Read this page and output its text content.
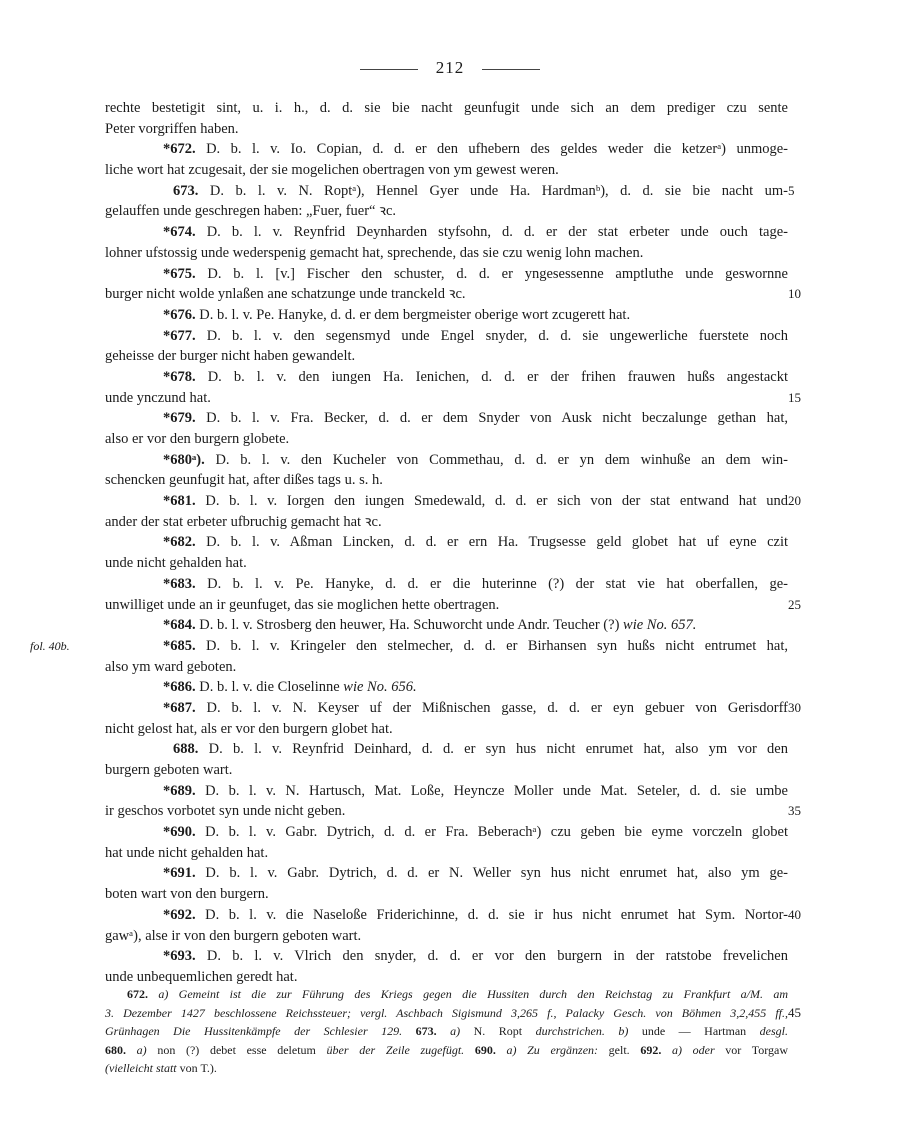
212
rechte bestetigit sint, u. i. h., d. d. sie bie nacht geunfugit unde sich an dem prediger czu sente
Peter vorgriffen haben.
*672. D. b. l. v. Io. Copian, d. d. er den ufhebern des geldes weder die ketzerᵃ) unmoge-
liche wort hat zcugesait, der sie mogelichen obertragen von ym gewest weren.
673. D. b. l. v. N. Roptᵃ), Hennel Gyer unde Ha. Hardmanᵇ), d. d. sie bie nacht um- 5
gelauffen unde geschregen haben: „Fuer, fuer“ ꝛc.
*674. D. b. l. v. Reynfrid Deynharden styfsohn, d. d. er der stat erbeter unde ouch tage-
lohner ufstossig unde wederspenig gemacht hat, sprechende, das sie czu wenig lohn machen.
*675. D. b. l. [v.] Fischer den schuster, d. d. er yngesessenne amptluthe unde geswornne
burger nicht wolde ynlaßen ane schatzunge unde tranckeld ꝛc.	10
*676. D. b. l. v. Pe. Hanyke, d. d. er dem bergmeister oberige wort zcugerett hat.
*677. D. b. l. v. den segensmyd unde Engel snyder, d. d. sie ungewerliche fuerstete noch
geheisse der burger nicht haben gewandelt.
*678. D. b. l. v. den iungen Ha. Ienichen, d. d. er der frihen frauwen hußs angestackt
unde ynczund hat.	15
*679. D. b. l. v. Fra. Becker, d. d. er dem Snyder von Ausk nicht beczalunge gethan hat,
also er vor den burgern globete.
*680ᵃ). D. b. l. v. den Kucheler von Commethau, d. d. er yn dem winhuße an dem win-
schencken geunfugit hat, after dißes tags u. s. h.
*681. D. b. l. v. Iorgen den iungen Smedewald, d. d. er sich von der stat entwand hat und 20
ander der stat erbeter ufbruchig gemacht hat ꝛc.
*682. D. b. l. v. Aßman Lincken, d. d. er ern Ha. Trugsesse geld globet hat uf eyne czit
unde nicht gehalden hat.
*683. D. b. l. v. Pe. Hanyke, d. d. er die huterinne (?) der stat vie hat oberfallen, ge-
unwilliget unde an ir geunfuget, das sie moglichen hette obertragen.	25
*684. D. b. l. v. Strosberg den heuwer, Ha. Schuworcht unde Andr. Teucher (?) wie No. 657.
*685. D. b. l. v. Kringeler den stelmecher, d. d. er Birhansen syn hußs nicht entrumet hat,
fol. 40b.
also ym ward geboten.
*686. D. b. l. v. die Closelinne wie No. 656.
*687. D. b. l. v. N. Keyser uf der Mißnischen gasse, d. d. er eyn gebuer von Gerisdorff 30
nicht gelost hat, als er vor den burgern globet hat.
688. D. b. l. v. Reynfrid Deinhard, d. d. er syn hus nicht enrumet hat, also ym vor den
burgern geboten wart.
*689. D. b. l. v. N. Hartusch, Mat. Loße, Heyncze Moller unde Mat. Seteler, d. d. sie umbe
ir geschos vorbotet syn unde nicht geben.	35
*690. D. b. l. v. Gabr. Dytrich, d. d. er Fra. Beberachᵃ) czu geben bie eyme vorczeln globet
hat unde nicht gehalden hat.
*691. D. b. l. v. Gabr. Dytrich, d. d. er N. Weller syn hus nicht enrumet hat, also ym ge-
boten wart von den burgern.
*692. D. b. l. v. die Naseloße Friderichinne, d. d. sie ir hus nicht enrumet hat Sym. Nortor- 40
gawᵃ), alse ir von den burgern geboten wart.
*693. D. b. l. v. Vlrich den snyder, d. d. er vor den burgern in der ratstobe frevelichen
unde unbequemlichen geredt hat.
672. a) Gemeint ist die zur Führung des Kriegs gegen die Hussiten durch den Reichstag zu Frankfurt a/M. am
3. Dezember 1427 beschlossene Reichssteuer; vergl. Aschbach Sigismund 3,265 f., Palacky Gesch. von Böhmen 3,2,455 ff., 45
Grünhagen Die Hussitenkämpfe der Schlesier 129. 673. a) N. Ropt durchstrichen. b) unde — Hartman desgl.
680. a) non (?) debet esse deletum über der Zeile zugefügt. 690. a) Zu ergänzen: gelt. 692. a) oder vor Torgaw
(vielleicht statt von T.).
